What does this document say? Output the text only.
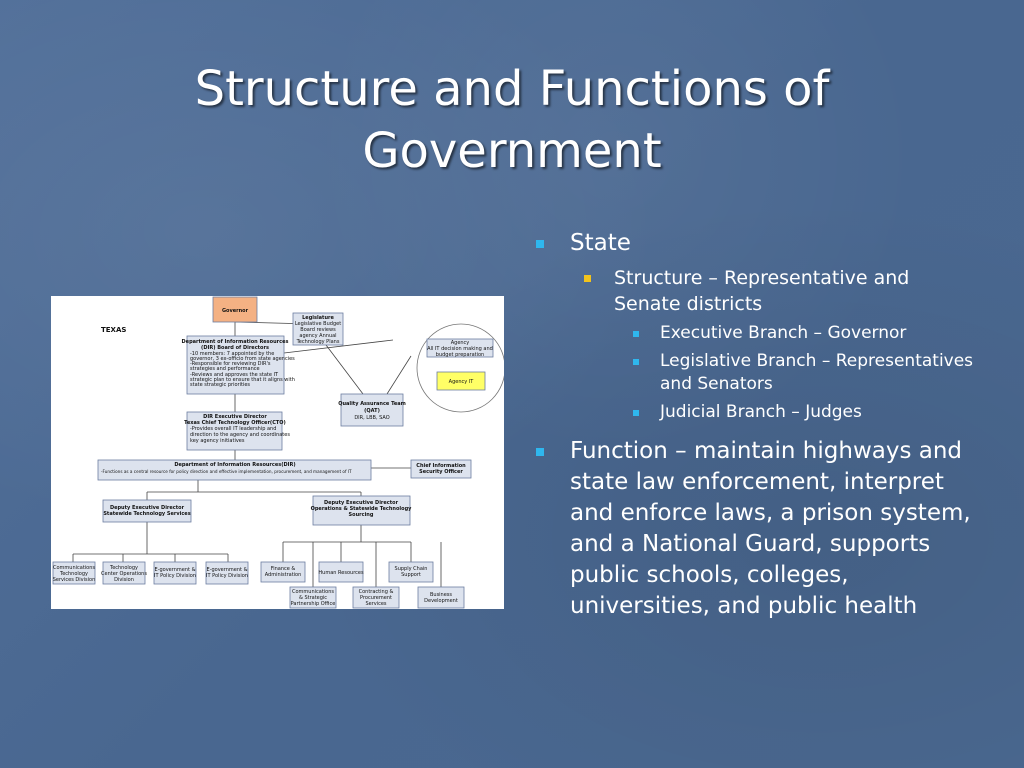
Structure and Functions of Government
TEXAS
Governor
Legislature
Legislative Budget
Board reviews
agency Annual
Technology Plans	Agency
All IT decision making and
budget preparation
Agency IT
Department of Information Resources
(DIR) Board of Directors
-10 members: 7 appointed by the
governor, 3 ex-officio from state agencies
-Responsible for reviewing DIR's
strategies and performance
-Reviews and approves the state IT
strategic plan to ensure that it aligns with
state strategic priorities
Quality Assurance Team
(QAT)
DIR, LBB, SAO
DIR Executive Director
Texas Chief Technology Officer(CTO)
-Provides overall IT leadership and
direction to the agency and coordinates
key agency initiatives
Department of Information Resources(DIR)
-Functions as a central resource for policy direction and effective implementation, procurement, and management of IT
Chief Information
Security Officer
Deputy Executive Director
Statewide Technology Services
Deputy Executive Director
Operations & Statewide Technology
Sourcing
Communications
Technology
Services Division
Technology
Center Operations
Division
E-government &
IT Policy Division
E-government &
IT Policy Division
Finance &
Administration	Human Resources
Supply Chain
Support
Communications
& Strategic
Partnership Office
Contracting &
Procurement
Services
Business
Development
State
Structure – Representative and Senate districts
Executive Branch – Governor
Legislative Branch – Representatives and Senators
Judicial Branch – Judges
Function – maintain highways and state law enforcement, interpret and enforce laws, a prison system, and a National Guard, supports public schools, colleges, universities, and public health
